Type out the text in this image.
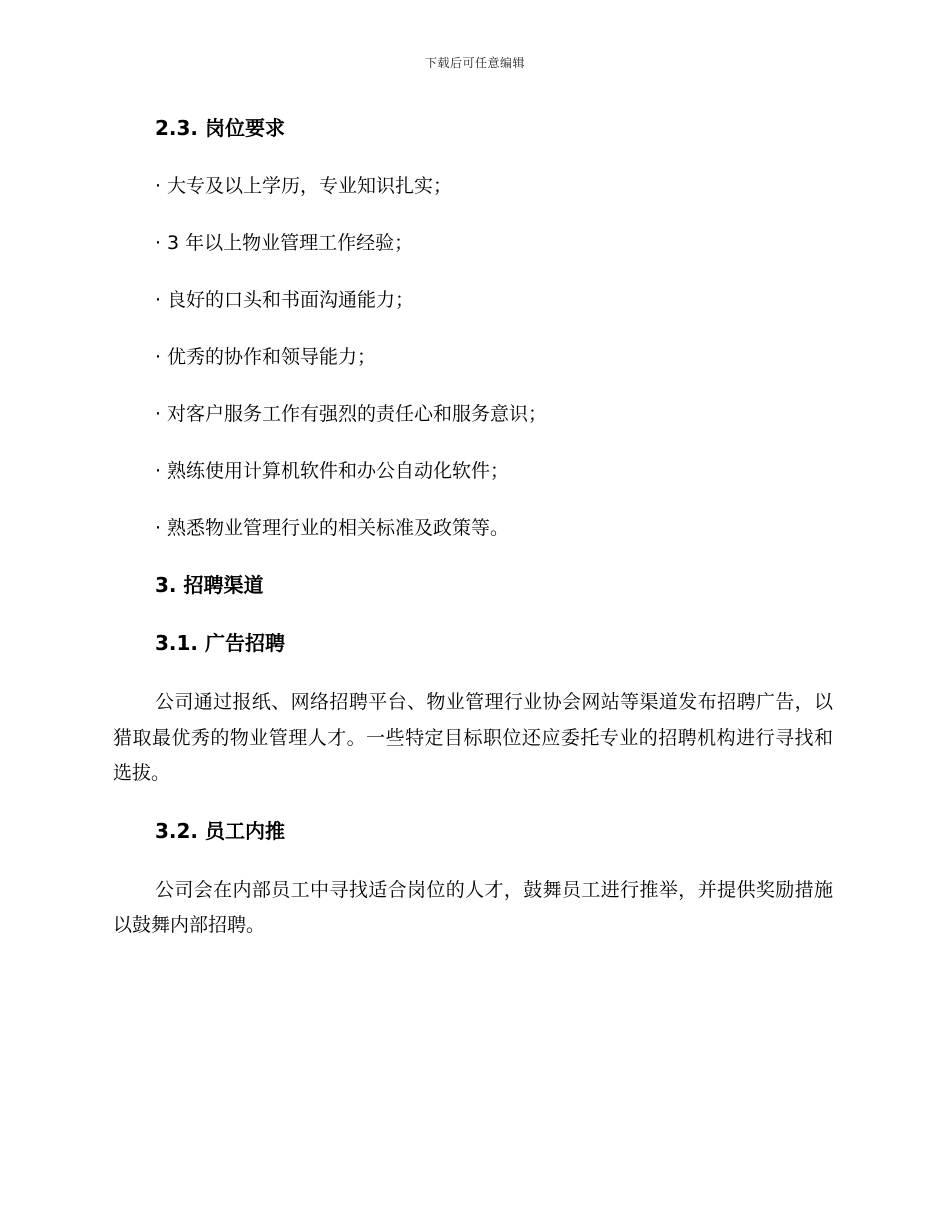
下载后可任意编辑
2.3. 岗位要求
· 大专及以上学历，专业知识扎实；
· 3 年以上物业管理工作经验；
· 良好的口头和书面沟通能力；
· 优秀的协作和领导能力；
· 对客户服务工作有强烈的责任心和服务意识；
· 熟练使用计算机软件和办公自动化软件；
· 熟悉物业管理行业的相关标准及政策等。
3. 招聘渠道
3.1. 广告招聘

公司通过报纸、网络招聘平台、物业管理行业协会网站等渠道发布招聘广告，以猎取最优秀的物业管理人才。一些特定目标职位还应委托专业的招聘机构进行寻找和选拔。

3.2. 员工内推

公司会在内部员工中寻找适合岗位的人才，鼓舞员工进行推举，并提供奖励措施以鼓舞内部招聘。
